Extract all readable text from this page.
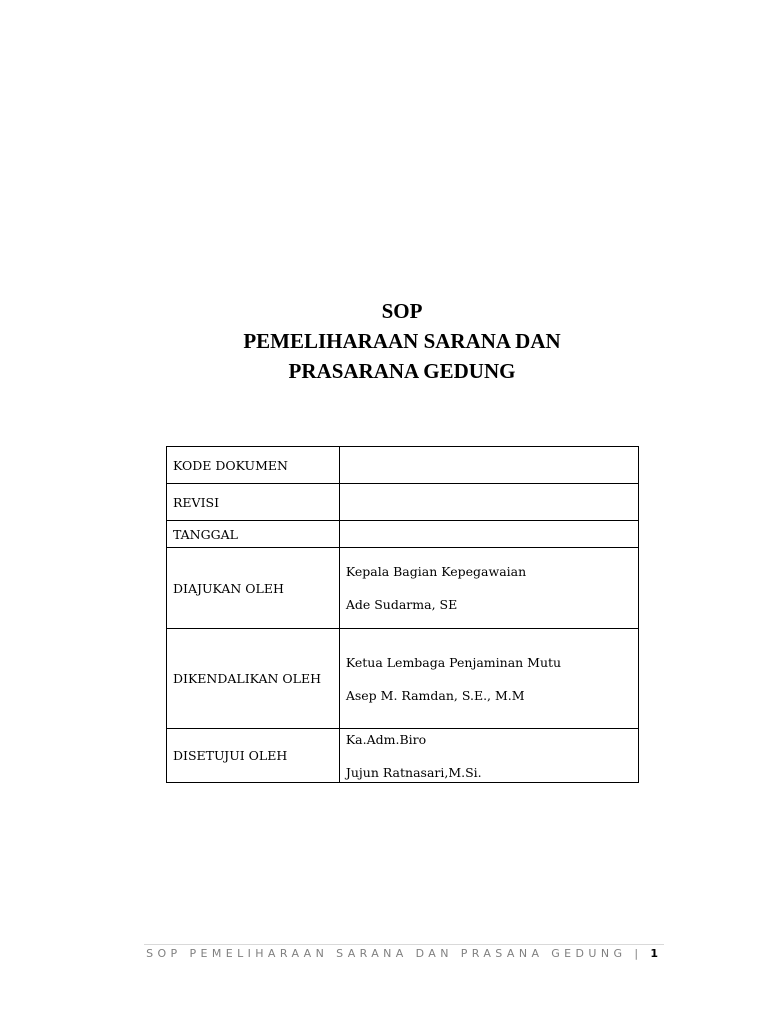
SOP
PEMELIHARAAN SARANA DAN
PRASARANA GEDUNG
KODE DOKUMEN	
REVISI	
TANGGAL	
DIAJUKAN OLEH	Kepala Bagian Kepegawaian
Ade Sudarma, SE

DIKENDALIKAN OLEH	Ketua Lembaga Penjaminan Mutu
Asep M. Ramdan, S.E., M.M

DISETUJUI OLEH	Ka.Adm.Biro
Jujun Ratnasari,M.Si.
SOP PEMELIHARAAN SARANA DAN PRASANA GEDUNG | 1
